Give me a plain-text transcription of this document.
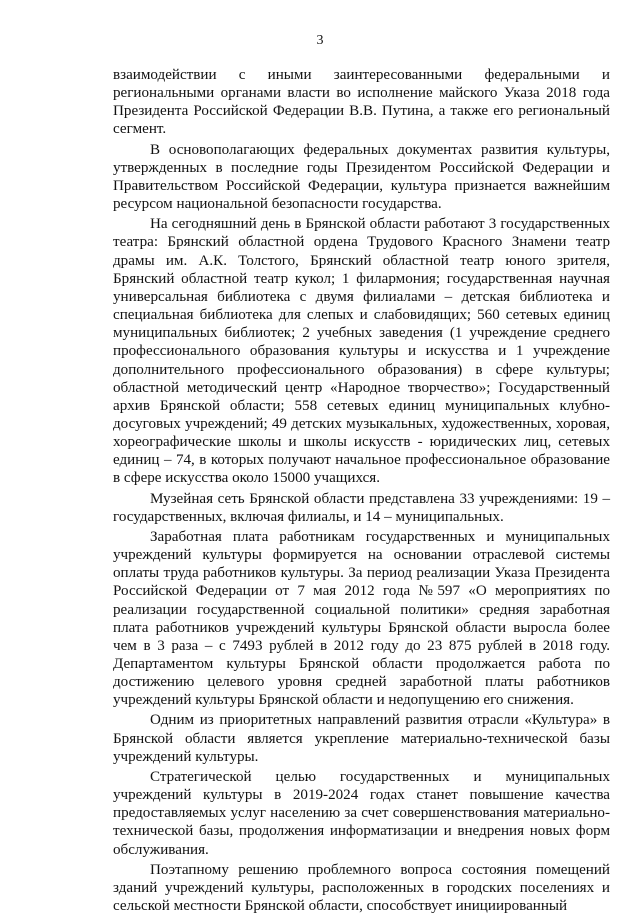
3

взаимодействии с иными заинтересованными федеральными и региональными органами власти во исполнение майского Указа 2018 года Президента Российской Федерации В.В. Путина, а также его региональный сегмент.

В основополагающих федеральных документах развития культуры, утвержденных в последние годы Президентом Российской Федерации и Правительством Российской Федерации, культура признается важнейшим ресурсом национальной безопасности государства.

На сегодняшний день в Брянской области работают 3 государственных театра: Брянский областной ордена Трудового Красного Знамени театр драмы им. А.К. Толстого, Брянский областной театр юного зрителя, Брянский областной театр кукол; 1 филармония; государственная научная универсальная библиотека с двумя филиалами – детская библиотека и специальная библиотека для слепых и слабовидящих; 560 сетевых единиц муниципальных библиотек; 2 учебных заведения (1 учреждение среднего профессионального образования культуры и искусства и 1 учреждение дополнительного профессионального образования) в сфере культуры; областной методический центр «Народное творчество»; Государственный архив Брянской области; 558 сетевых единиц муниципальных клубно-досуговых учреждений; 49 детских музыкальных, художественных, хоровая, хореографические школы и школы искусств - юридических лиц, сетевых единиц – 74, в которых получают начальное профессиональное образование в сфере искусства около 15000 учащихся.

Музейная сеть Брянской области представлена 33 учреждениями: 19 – государственных, включая филиалы, и 14 – муниципальных.

Заработная плата работникам государственных и муниципальных учреждений культуры формируется на основании отраслевой системы оплаты труда работников культуры. За период реализации Указа Президента Российской Федерации от 7 мая 2012 года №597 «О мероприятиях по реализации государственной социальной политики» средняя заработная плата работников учреждений культуры Брянской области выросла более чем в 3 раза – с 7493 рублей в 2012 году до 23 875 рублей в 2018 году. Департаментом культуры Брянской области продолжается работа по достижению целевого уровня средней заработной платы работников учреждений культуры Брянской области и недопущению его снижения.

Одним из приоритетных направлений развития отрасли «Культура» в Брянской области является укрепление материально-технической базы учреждений культуры.

Стратегической целью государственных и муниципальных учреждений культуры в 2019-2024 годах станет повышение качества предоставляемых услуг населению за счет совершенствования материально-технической базы, продолжения информатизации и внедрения новых форм обслуживания.

Поэтапному решению проблемного вопроса состояния помещений зданий учреждений культуры, расположенных в городских поселениях и сельской местности Брянской области, способствует инициированный
